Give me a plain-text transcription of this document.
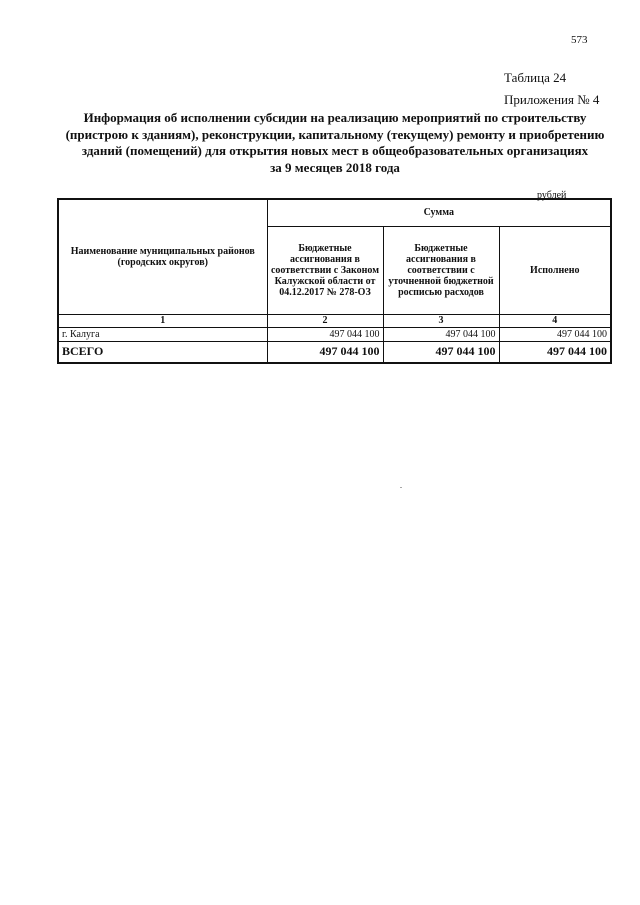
573
Таблица 24
Приложения № 4
Информация об исполнении субсидии на реализацию мероприятий по строительству
(пристрою к зданиям), реконструкции, капитальному (текущему) ремонту и приобретению
зданий (помещений) для открытия новых мест в общеобразовательных организациях
за 9 месяцев 2018 года
рублей
Наименование муниципальных районов (городских округов)	Сумма		
	Бюджетные ассигнования в соответствии с Законом Калужской области от 04.12.2017 № 278-ОЗ	Бюджетные ассигнования в соответствии с уточненной бюджетной росписью расходов	Исполнено
1	2	3	4
г. Калуга	497 044 100	497 044 100	497 044 100
ВСЕГО	497 044 100	497 044 100	497 044 100
.
